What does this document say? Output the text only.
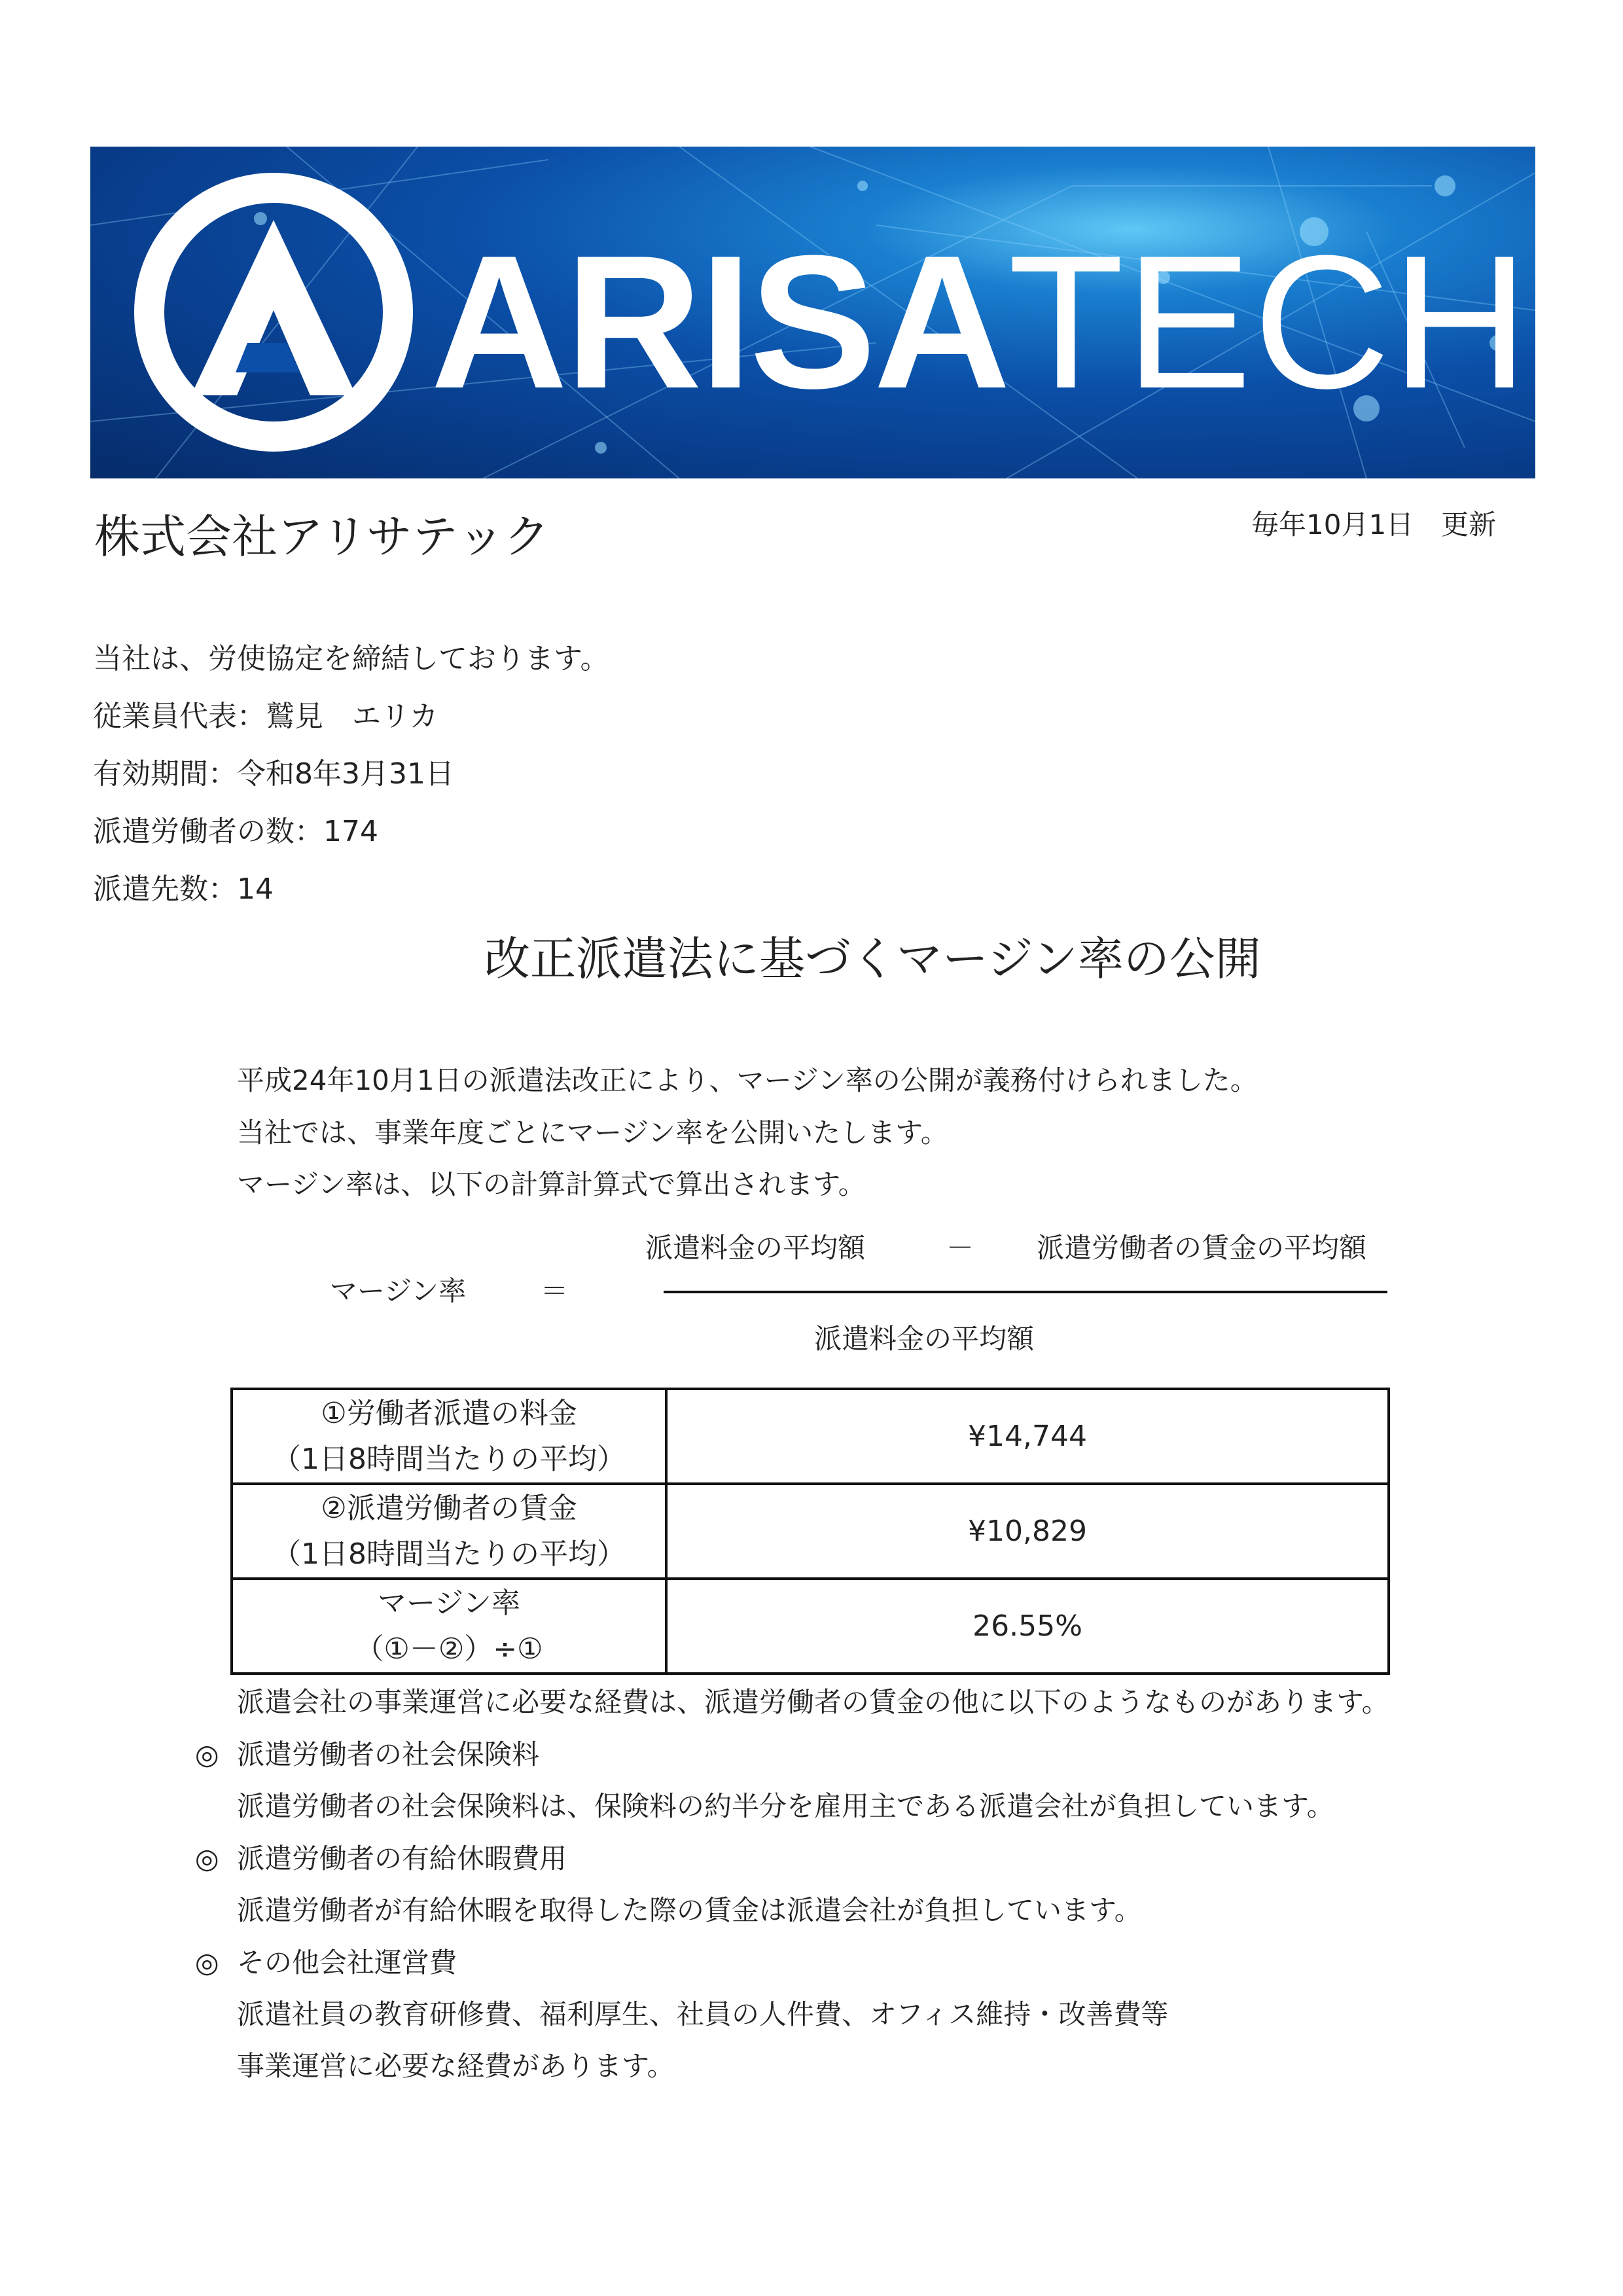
ARISATECH
株式会社アリサテック	毎年10月1日　更新
当社は、労使協定を締結しております。
従業員代表：鷲見　エリカ
有効期間：令和8年3月31日
派遣労働者の数：174
派遣先数：14
改正派遣法に基づくマージン率の公開
平成24年10月1日の派遣法改正により、マージン率の公開が義務付けられました。
当社では、事業年度ごとにマージン率を公開いたします。
マージン率は、以下の計算計算式で算出されます。
マージン率	＝
派遣料金の平均額	－ 派遣労働者の賃金の平均額
派遣料金の平均額
①労働者派遣の料金
（1日8時間当たりの平均）	¥14,744

②派遣労働者の賃金
（1日8時間当たりの平均）	¥10,829

マージン率
（①－②）÷①	26.55%
派遣会社の事業運営に必要な経費は、派遣労働者の賃金の他に以下のようなものがあります。
◎ 派遣労働者の社会保険料
派遣労働者の社会保険料は、保険料の約半分を雇用主である派遣会社が負担しています。
◎ 派遣労働者の有給休暇費用
派遣労働者が有給休暇を取得した際の賃金は派遣会社が負担しています。
◎ その他会社運営費
派遣社員の教育研修費、福利厚生、社員の人件費、オフィス維持・改善費等
事業運営に必要な経費があります。
